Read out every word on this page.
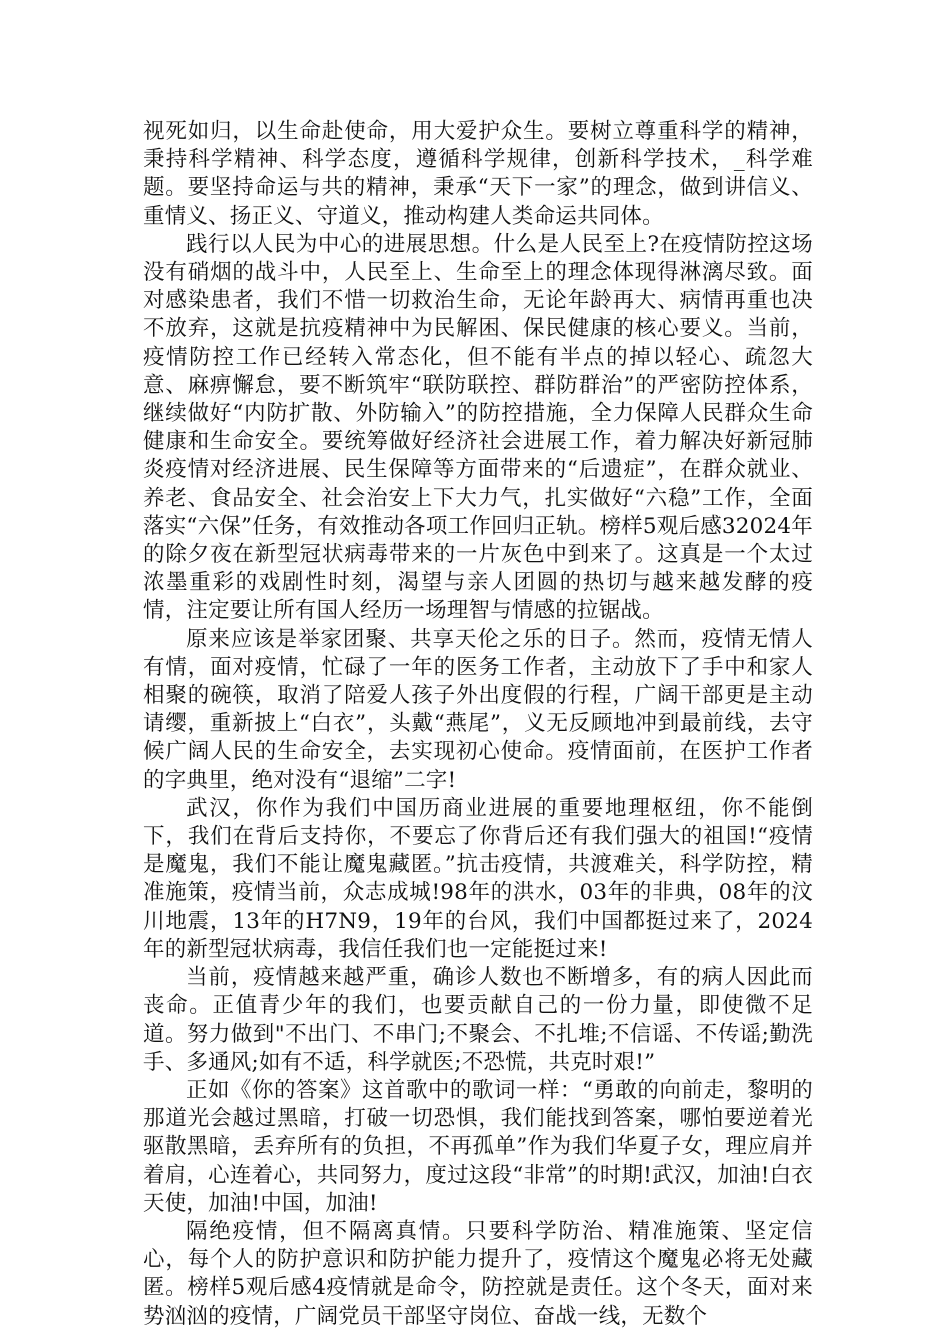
视死如归，以生命赴使命，用大爱护众生。要树立尊重科学的精神，秉持科学精神、科学态度，遵循科学规律，创新科学技术，_科学难题。要坚持命运与共的精神，秉承“天下一家”的理念，做到讲信义、重情义、扬正义、守道义，推动构建人类命运共同体。

践行以人民为中心的进展思想。什么是人民至上?在疫情防控这场没有硝烟的战斗中，人民至上、生命至上的理念体现得淋漓尽致。面对感染患者，我们不惜一切救治生命，无论年龄再大、病情再重也决不放弃，这就是抗疫精神中为民解困、保民健康的核心要义。当前，疫情防控工作已经转入常态化，但不能有半点的掉以轻心、疏忽大意、麻痹懈怠，要不断筑牢“联防联控、群防群治”的严密防控体系，继续做好“内防扩散、外防输入”的防控措施，全力保障人民群众生命健康和生命安全。要统筹做好经济社会进展工作，着力解决好新冠肺炎疫情对经济进展、民生保障等方面带来的“后遗症”，在群众就业、养老、食品安全、社会治安上下大力气，扎实做好“六稳”工作，全面落实“六保”任务，有效推动各项工作回归正轨。榜样5观后感32024年的除夕夜在新型冠状病毒带来的一片灰色中到来了。这真是一个太过浓墨重彩的戏剧性时刻，渴望与亲人团圆的热切与越来越发酵的疫情，注定要让所有国人经历一场理智与情感的拉锯战。

原来应该是举家团聚、共享天伦之乐的日子。然而，疫情无情人有情，面对疫情，忙碌了一年的医务工作者，主动放下了手中和家人相聚的碗筷，取消了陪爱人孩子外出度假的行程，广阔干部更是主动请缨，重新披上“白衣”，头戴“燕尾”，义无反顾地冲到最前线，去守候广阔人民的生命安全，去实现初心使命。疫情面前，在医护工作者的字典里，绝对没有“退缩”二字!

武汉，你作为我们中国历商业进展的重要地理枢纽，你不能倒下，我们在背后支持你，不要忘了你背后还有我们强大的祖国!“疫情是魔鬼，我们不能让魔鬼藏匿。”抗击疫情，共渡难关，科学防控，精准施策，疫情当前，众志成城!98年的洪水，03年的非典，08年的汶川地震，13年的H7N9，19年的台风，我们中国都挺过来了，2024年的新型冠状病毒，我信任我们也一定能挺过来!

当前，疫情越来越严重，确诊人数也不断增多，有的病人因此而丧命。正值青少年的我们，也要贡献自己的一份力量，即使微不足道。努力做到"不出门、不串门;不聚会、不扎堆;不信谣、不传谣;勤洗手、多通风;如有不适，科学就医;不恐慌，共克时艰!”

正如《你的答案》这首歌中的歌词一样：“勇敢的向前走，黎明的那道光会越过黑暗，打破一切恐惧，我们能找到答案，哪怕要逆着光驱散黑暗，丢弃所有的负担，不再孤单”作为我们华夏子女，理应肩并着肩，心连着心，共同努力，度过这段“非常”的时期!武汉，加油!白衣天使，加油!中国，加油!

隔绝疫情，但不隔离真情。只要科学防治、精准施策、坚定信心，每个人的防护意识和防护能力提升了，疫情这个魔鬼必将无处藏匿。榜样5观后感4疫情就是命令，防控就是责任。这个冬天，面对来势汹汹的疫情，广阔党员干部坚守岗位、奋战一线，无数个
